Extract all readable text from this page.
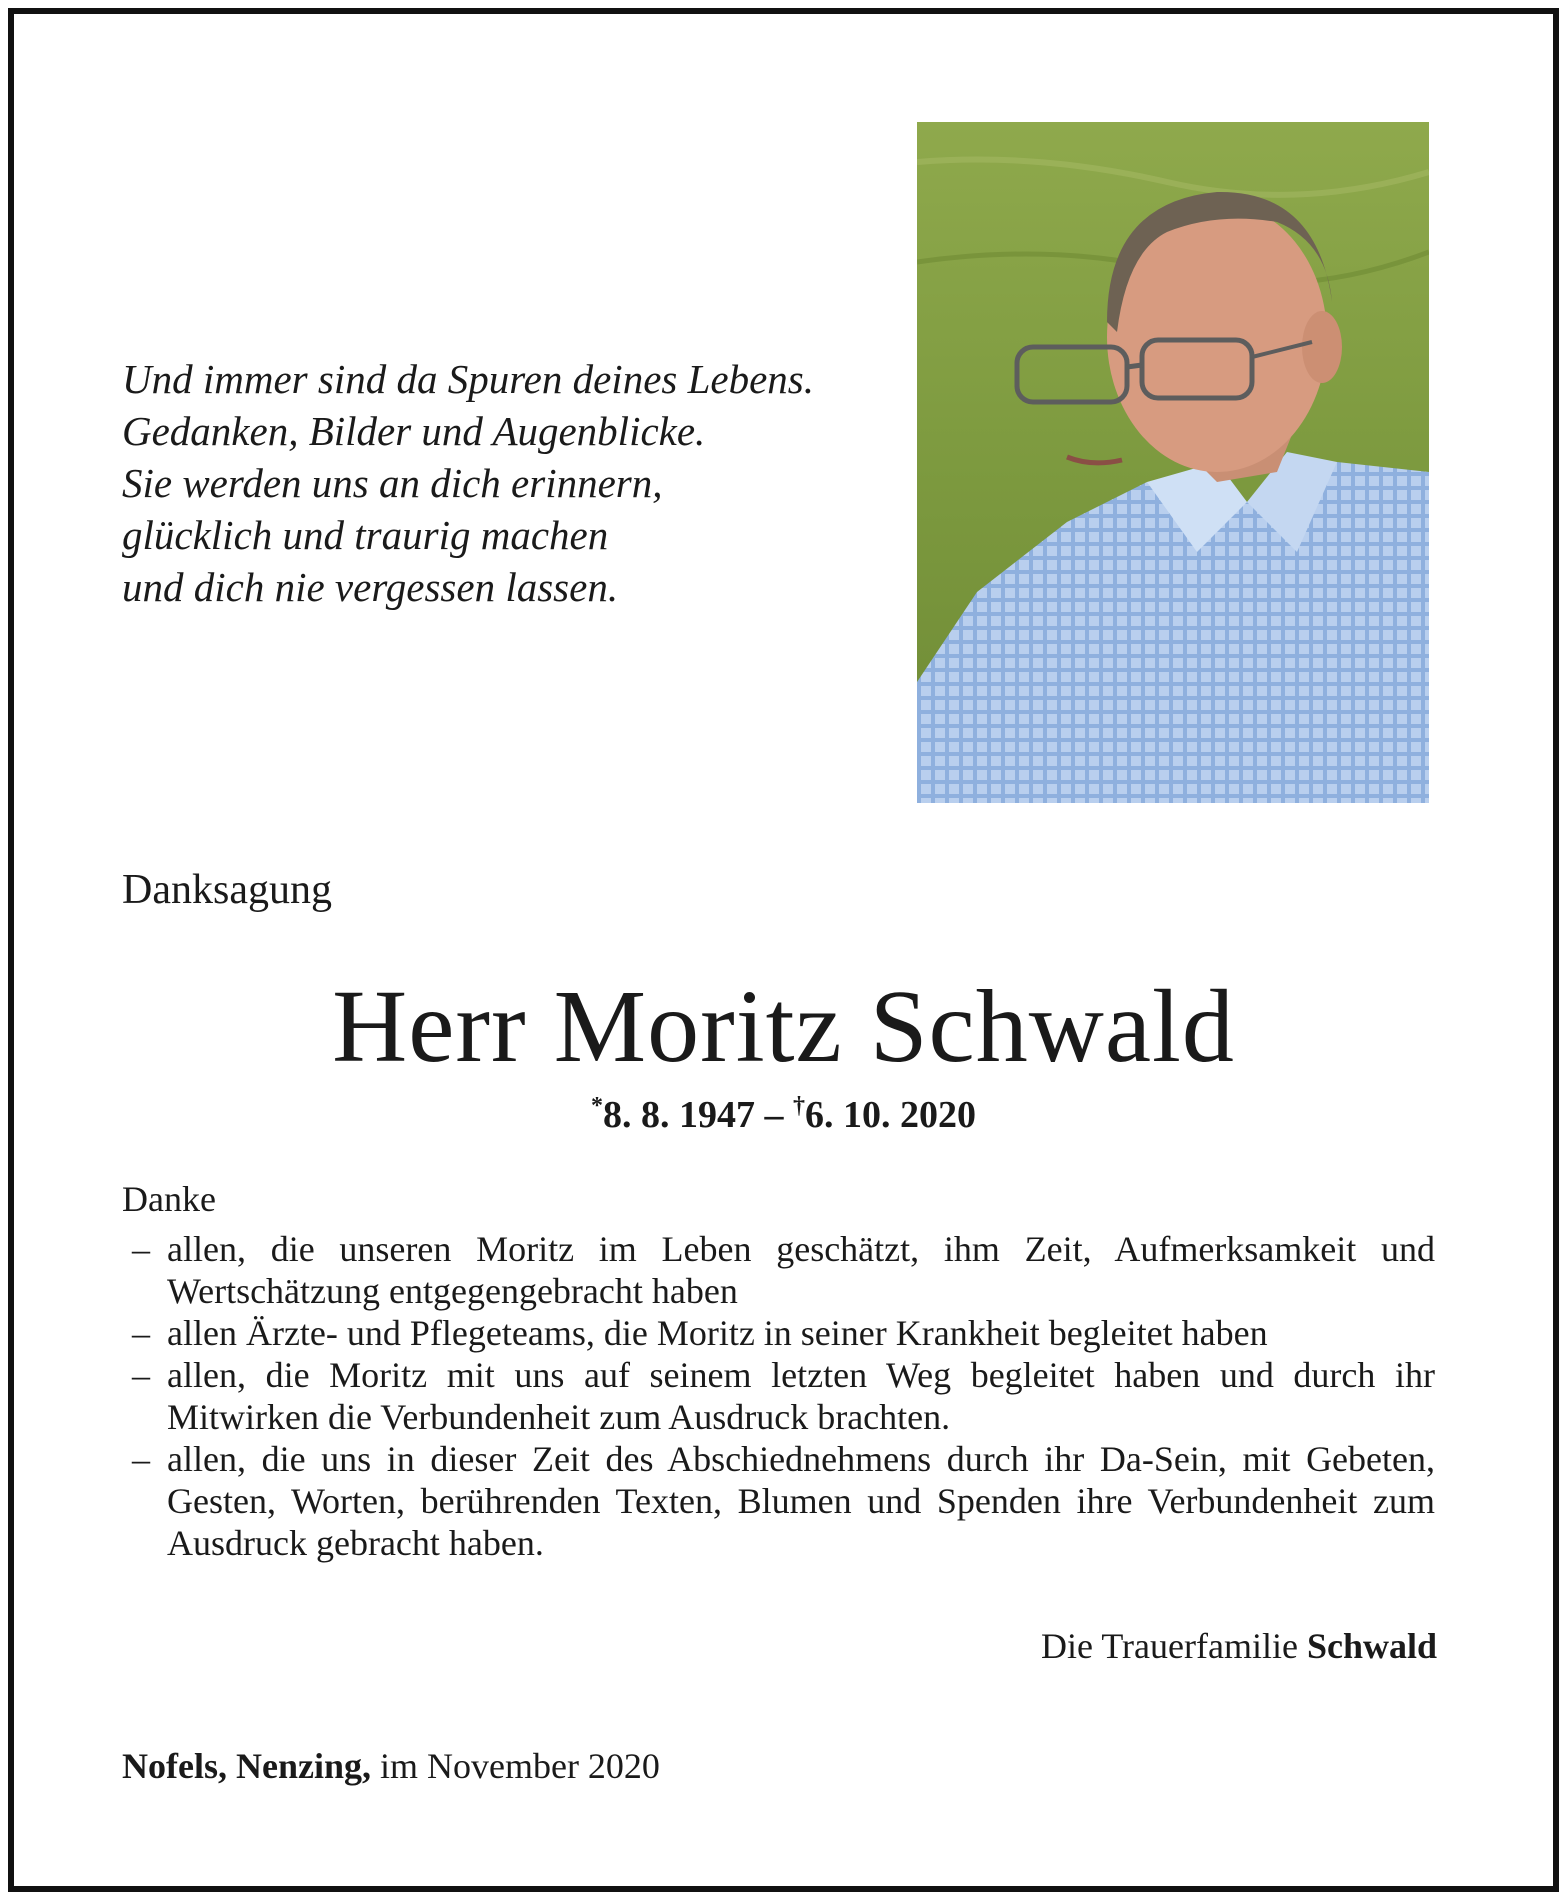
Und immer sind da Spuren deines Lebens.
Gedanken, Bilder und Augenblicke.
Sie werden uns an dich erinnern,
glücklich und traurig machen
und dich nie vergessen lassen.
Danksagung
Herr Moritz Schwald
*8. 8. 1947 – †6. 10. 2020
Danke
– allen, die unseren Moritz im Leben geschätzt, ihm Zeit, Aufmerksamkeit und Wertschätzung entgegengebracht haben
– allen Ärzte- und Pflegeteams, die Moritz in seiner Krankheit begleitet haben
– allen, die Moritz mit uns auf seinem letzten Weg begleitet haben und durch ihr Mitwirken die Verbundenheit zum Ausdruck brachten.
– allen, die uns in dieser Zeit des Abschiednehmens durch ihr Da-Sein, mit Gebeten, Gesten, Worten, berührenden Texten, Blumen und Spenden ihre Verbundenheit zum Ausdruck gebracht haben.
Die Trauerfamilie Schwald
Nofels, Nenzing, im November 2020
